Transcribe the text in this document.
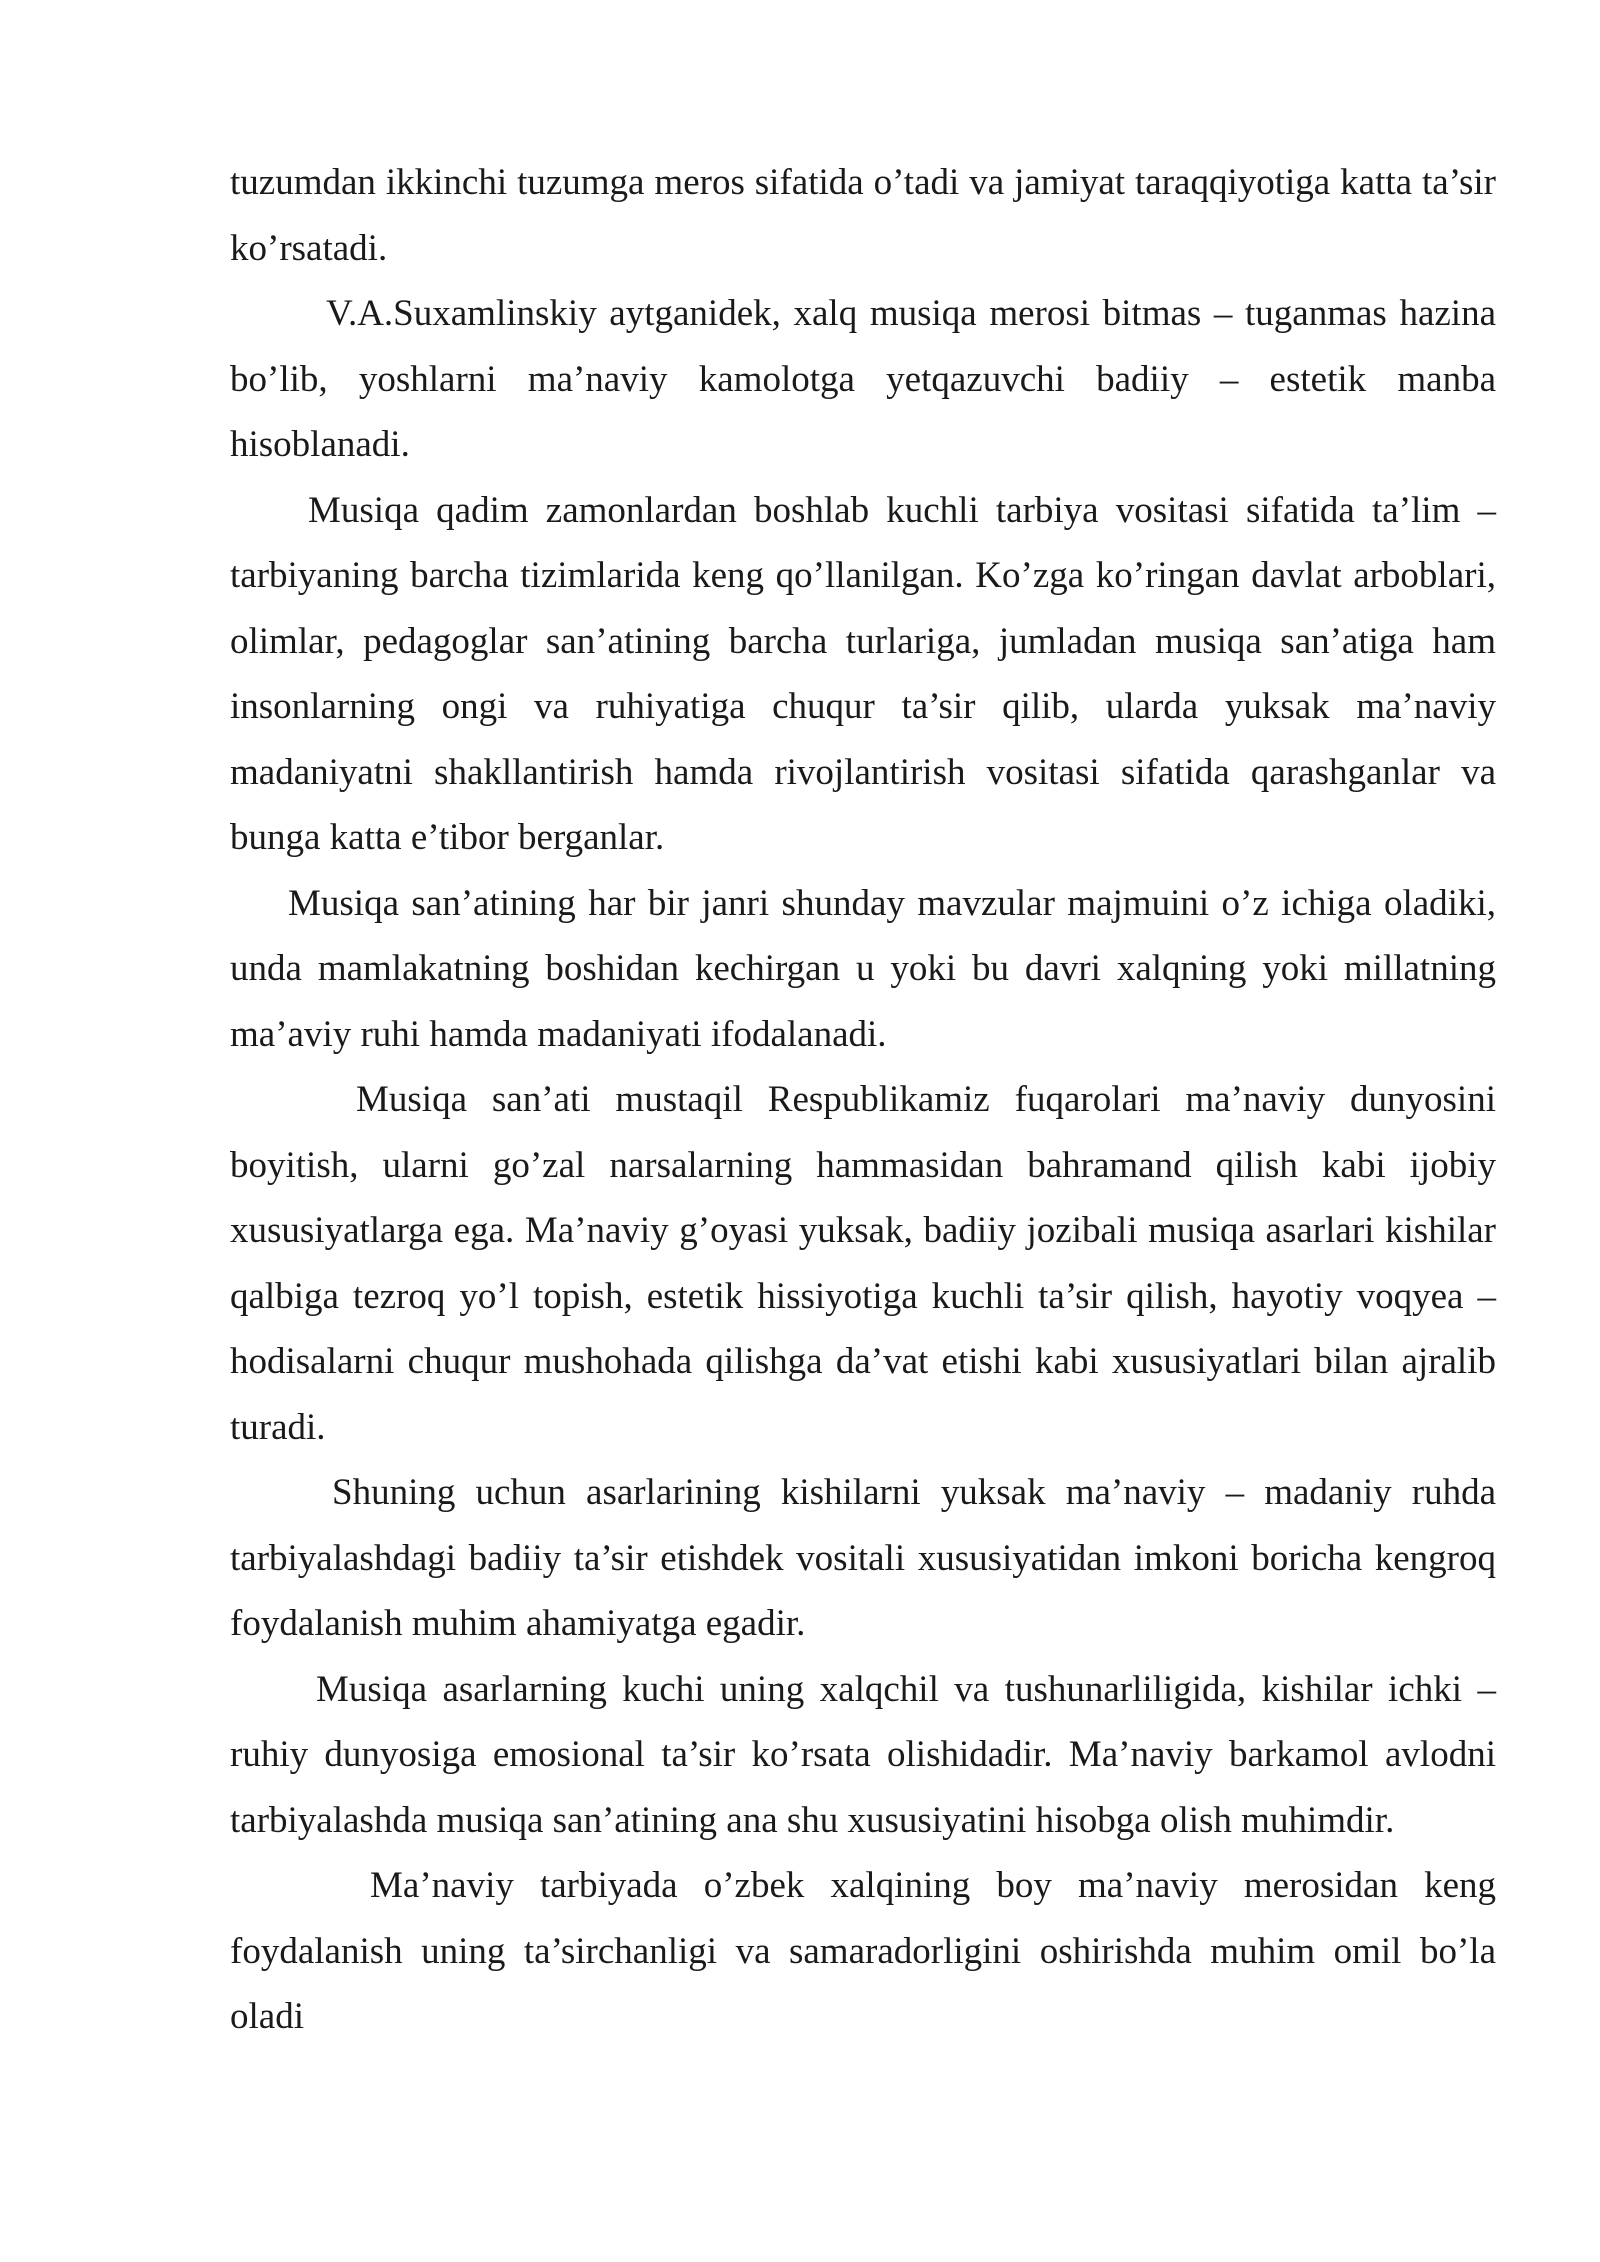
tuzumdan ikkinchi tuzumga meros sifatida o’tadi va jamiyat taraqqiyotiga katta ta’sir ko’rsatadi.

V.A.Suxamlinskiy aytganidek, xalq musiqa merosi bitmas – tuganmas hazina bo’lib, yoshlarni ma’naviy kamolotga yetqazuvchi badiiy – estetik manba hisoblanadi.

Musiqa qadim zamonlardan boshlab kuchli tarbiya vositasi sifatida ta’lim – tarbiyaning barcha tizimlarida keng qo’llanilgan. Ko’zga ko’ringan davlat arboblari, olimlar, pedagoglar san’atining barcha turlariga, jumladan musiqa san’atiga ham insonlarning ongi va ruhiyatiga chuqur ta’sir qilib, ularda yuksak ma’naviy madaniyatni shakllantirish hamda rivojlantirish vositasi sifatida qarashganlar va bunga katta e’tibor berganlar.

Musiqa san’atining har bir janri shunday mavzular majmuini o’z ichiga oladiki, unda mamlakatning boshidan kechirgan u yoki bu davri xalqning yoki millatning ma’aviy ruhi hamda madaniyati ifodalanadi.

Musiqa san’ati mustaqil Respublikamiz fuqarolari ma’naviy dunyosini boyitish, ularni go’zal narsalarning hammasidan bahramand qilish kabi ijobiy xususiyatlarga ega. Ma’naviy g’oyasi yuksak, badiiy jozibali musiqa asarlari kishilar qalbiga tezroq yo’l topish, estetik hissiyotiga kuchli ta’sir qilish, hayotiy voqyea – hodisalarni chuqur mushohada qilishga da’vat etishi kabi xususiyatlari bilan ajralib turadi.

Shuning uchun asarlarining kishilarni yuksak ma’naviy – madaniy ruhda tarbiyalashdagi badiiy ta’sir etishdek vositali xususiyatidan imkoni boricha kengroq foydalanish muhim ahamiyatga egadir.

Musiqa asarlarning kuchi uning xalqchil va tushunarliligida, kishilar ichki – ruhiy dunyosiga emosional ta’sir ko’rsata olishidadir. Ma’naviy barkamol avlodni tarbiyalashda musiqa san’atining ana shu xususiyatini hisobga olish muhimdir.

Ma’naviy tarbiyada o’zbek xalqining boy ma’naviy merosidan keng foydalanish uning ta’sirchanligi va samaradorligini oshirishda muhim omil bo’la oladi
